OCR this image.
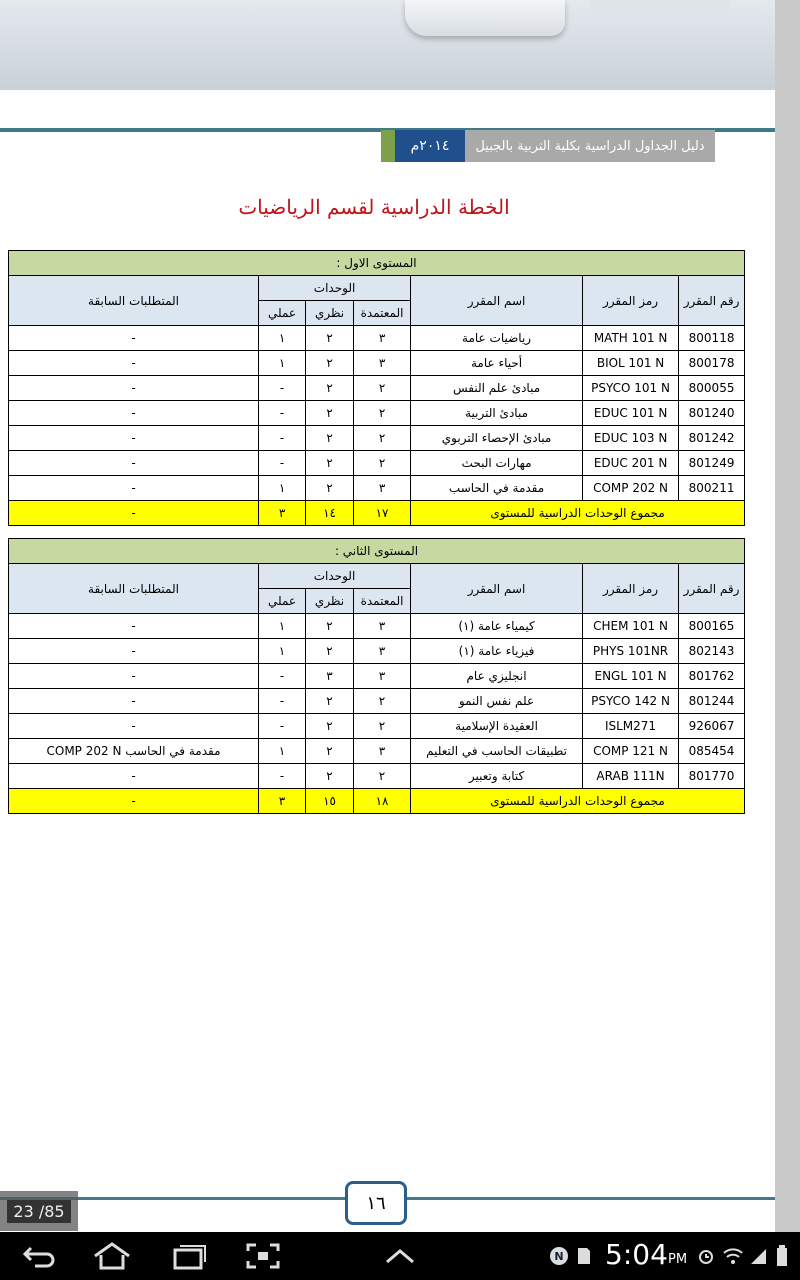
٢٠١٤م	دليل الجداول الدراسية بكلية التربية بالجبيل
الخطة الدراسية لقسم الرياضيات
المستوى الاول :						
رقم المقرر	رمز المقرر	اسم المقرر	الوحدات			المتطلبات السابقة
			المعتمدة	نظري	عملي	
800118	MATH 101 N	رياضيات عامة	٣	٢	١	-
800178	BIOL 101 N	أحياء عامة	٣	٢	١	-
800055	PSYCO 101 N	مبادئ علم النفس	٢	٢	-	-
801240	EDUC 101 N	مبادئ التربية	٢	٢	-	-
801242	EDUC 103 N	مبادئ الإحصاء التربوي	٢	٢	-	-
801249	EDUC 201 N	مهارات البحث	٢	٢	-	-
800211	COMP 202 N	مقدمة في الحاسب	٣	٢	١	-
مجموع الوحدات الدراسية للمستوى			١٧	١٤	٣	-
المستوى الثاني :						
رقم المقرر	رمز المقرر	اسم المقرر	الوحدات			المتطلبات السابقة
			المعتمدة	نظري	عملي	
800165	CHEM 101 N	كيمياء عامة (١)	٣	٢	١	-
802143	PHYS 101NR	فيزياء عامة (١)	٣	٢	١	-
801762	ENGL 101 N	انجليزي عام	٣	٣	-	-
801244	PSYCO 142 N	علم نفس النمو	٢	٢	-	-
926067	ISLM271	العقيدة الإسلامية	٢	٢	-	-
085454	COMP 121 N	تطبيقات الحاسب في التعليم	٣	٢	١	مقدمة في الحاسب COMP 202 N
801770	ARAB 111N	كتابة وتعبير	٢	٢	-	-
مجموع الوحدات الدراسية للمستوى			١٨	١٥	٣	-
١٦
23 /85
N 5:04 PM
